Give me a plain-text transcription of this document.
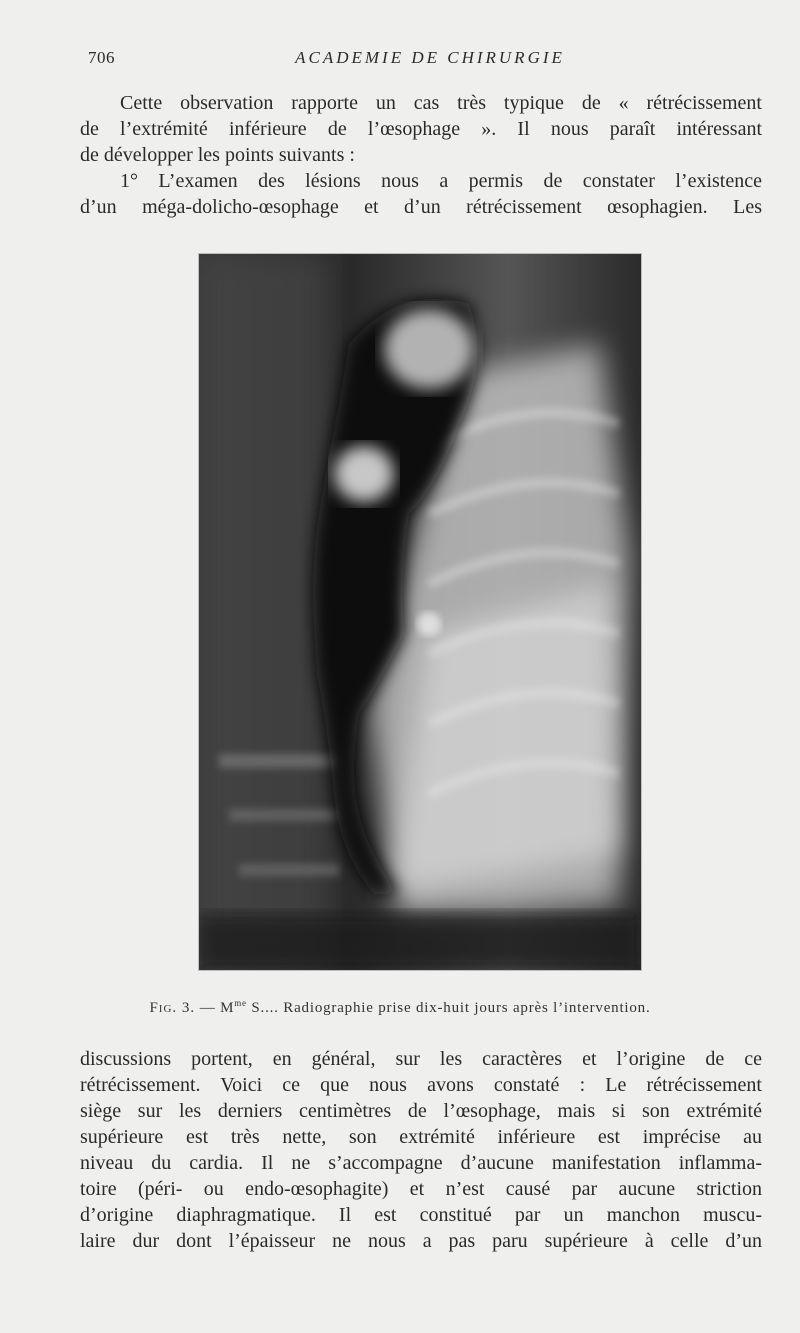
706	ACADEMIE DE CHIRURGIE
Cette observation rapporte un cas très typique de « rétrécissement
de l’extrémité inférieure de l’œsophage ». Il nous paraît intéressant
de développer les points suivants :
1° L’examen des lésions nous a permis de constater l’existence
d’un méga-dolicho-œsophage et d’un rétrécissement œsophagien. Les
Fig. 3. — $M^{me}$ S.... Radiographie prise dix-huit jours après l’intervention.
discussions portent, en général, sur les caractères et l’origine de ce
rétrécissement. Voici ce que nous avons constaté : Le rétrécissement
siège sur les derniers centimètres de l’œsophage, mais si son extrémité
supérieure est très nette, son extrémité inférieure est imprécise au
niveau du cardia. Il ne s’accompagne d’aucune manifestation inflamma-
toire (péri- ou endo-œsophagite) et n’est causé par aucune striction
d’origine diaphragmatique. Il est constitué par un manchon muscu-
laire dur dont l’épaisseur ne nous a pas paru supérieure à celle d’un
